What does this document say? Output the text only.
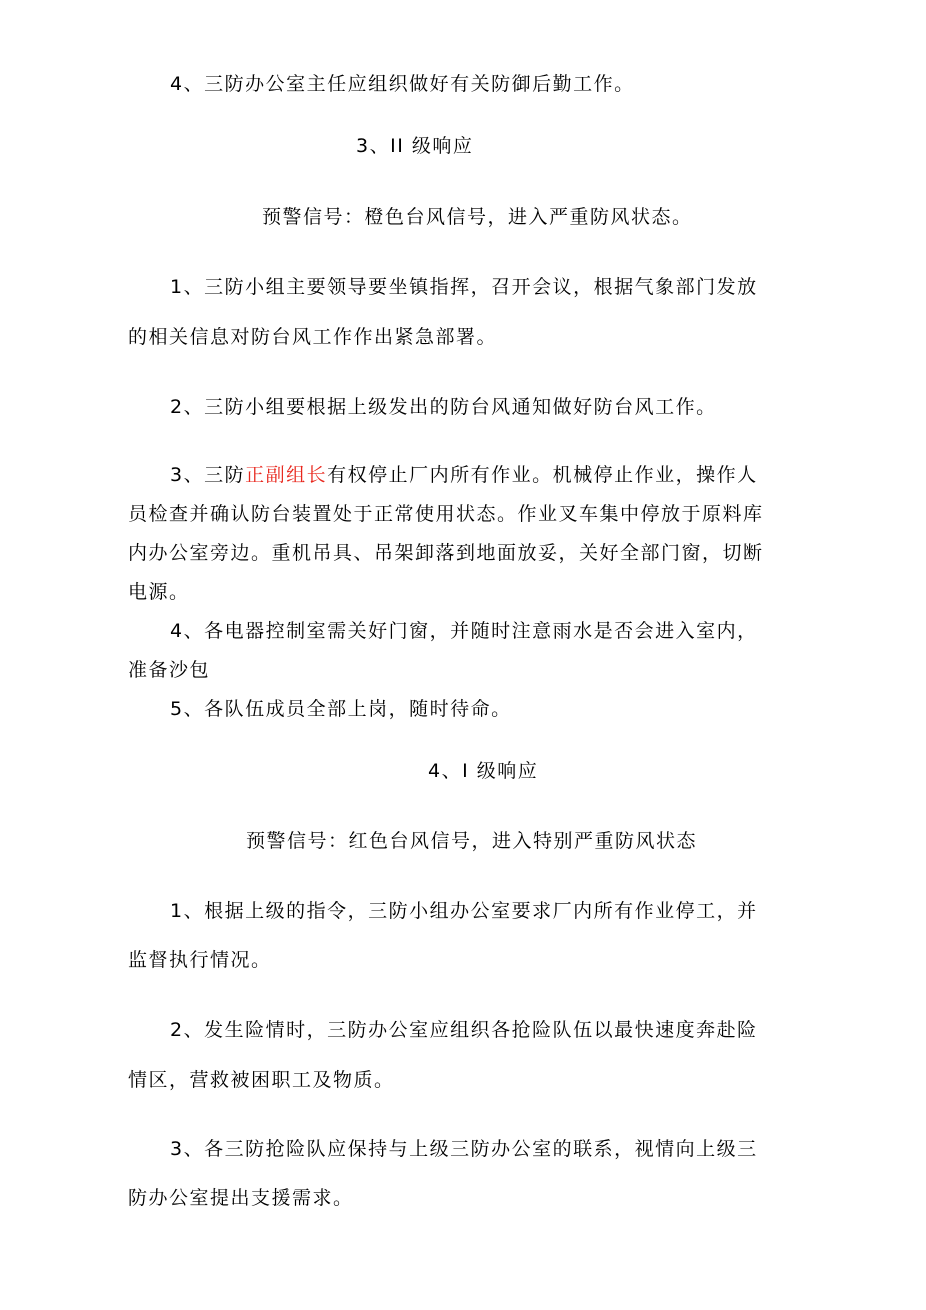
4、三防办公室主任应组织做好有关防御后勤工作。
3、II 级响应
预警信号：橙色台风信号，进入严重防风状态。
1、三防小组主要领导要坐镇指挥，召开会议，根据气象部门发放
的相关信息对防台风工作作出紧急部署。
2、三防小组要根据上级发出的防台风通知做好防台风工作。
3、三防正副组长有权停止厂内所有作业。机械停止作业，操作人
员检查并确认防台装置处于正常使用状态。作业叉车集中停放于原料库
内办公室旁边。重机吊具、吊架卸落到地面放妥，关好全部门窗，切断
电源。
4、各电器控制室需关好门窗，并随时注意雨水是否会进入室内，
准备沙包
5、各队伍成员全部上岗，随时待命。
4、I 级响应
预警信号：红色台风信号，进入特别严重防风状态
1、根据上级的指令，三防小组办公室要求厂内所有作业停工，并
监督执行情况。
2、发生险情时，三防办公室应组织各抢险队伍以最快速度奔赴险
情区，营救被困职工及物质。
3、各三防抢险队应保持与上级三防办公室的联系，视情向上级三
防办公室提出支援需求。
